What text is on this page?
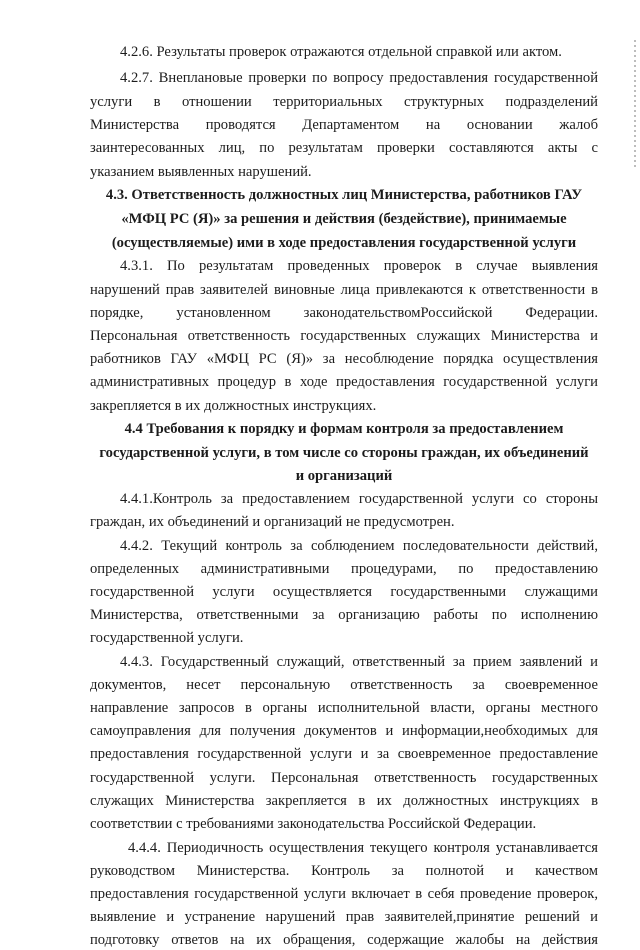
4.2.6. Результаты проверок отражаются отдельной справкой или актом.
4.2.7. Внеплановые проверки по вопросу предоставления государственной
услуги в отношении территориальных структурных подразделений
Министерства проводятся Департаментом на основании жалоб
заинтересованных лиц, по результатам проверки составляются акты с
указанием выявленных нарушений.
4.3. Ответственность должностных лиц Министерства, работников ГАУ
«МФЦ РС (Я)» за решения и действия (бездействие), принимаемые
(осуществляемые) ими в ходе предоставления государственной услуги
4.3.1. По результатам проведенных проверок в случае выявления
нарушений прав заявителей виновные лица привлекаются к ответственности в
порядке, установленном законодательствомРоссийской Федерации.
Персональная ответственность государственных служащих Министерства и
работников ГАУ «МФЦ РС (Я)» за несоблюдение порядка осуществления
административных процедур в ходе предоставления государственной услуги
закрепляется в их должностных инструкциях.
4.4 Требования к порядку и формам контроля за предоставлением
государственной услуги, в том числе со стороны граждан, их объединений
и организаций
4.4.1.Контроль за предоставлением государственной услуги со стороны
граждан, их объединений и организаций не предусмотрен.
4.4.2. Текущий контроль за соблюдением последовательности действий,
определенных административными процедурами, по предоставлению
государственной услуги осуществляется государственными служащими
Министерства, ответственными за организацию работы по исполнению
государственной услуги.
4.4.3. Государственный служащий, ответственный за прием заявлений и
документов, несет персональную ответственность за своевременное
направление запросов в органы исполнительной власти, органы местного
самоуправления для получения документов и информации,необходимых для
предоставления государственной услуги и за своевременное предоставление
государственной услуги. Персональная ответственность государственных
служащих Министерства закрепляется в их должностных инструкциях в
соответствии с требованиями законодательства Российской Федерации.
4.4.4. Периодичность осуществления текущего контроля устанавливается
руководством Министерства. Контроль за полнотой и качеством
предоставления государственной услуги включает в себя проведение проверок,
выявление и устранение нарушений прав заявителей,принятие решений и
подготовку ответов на их обращения, содержащие жалобы на действия
